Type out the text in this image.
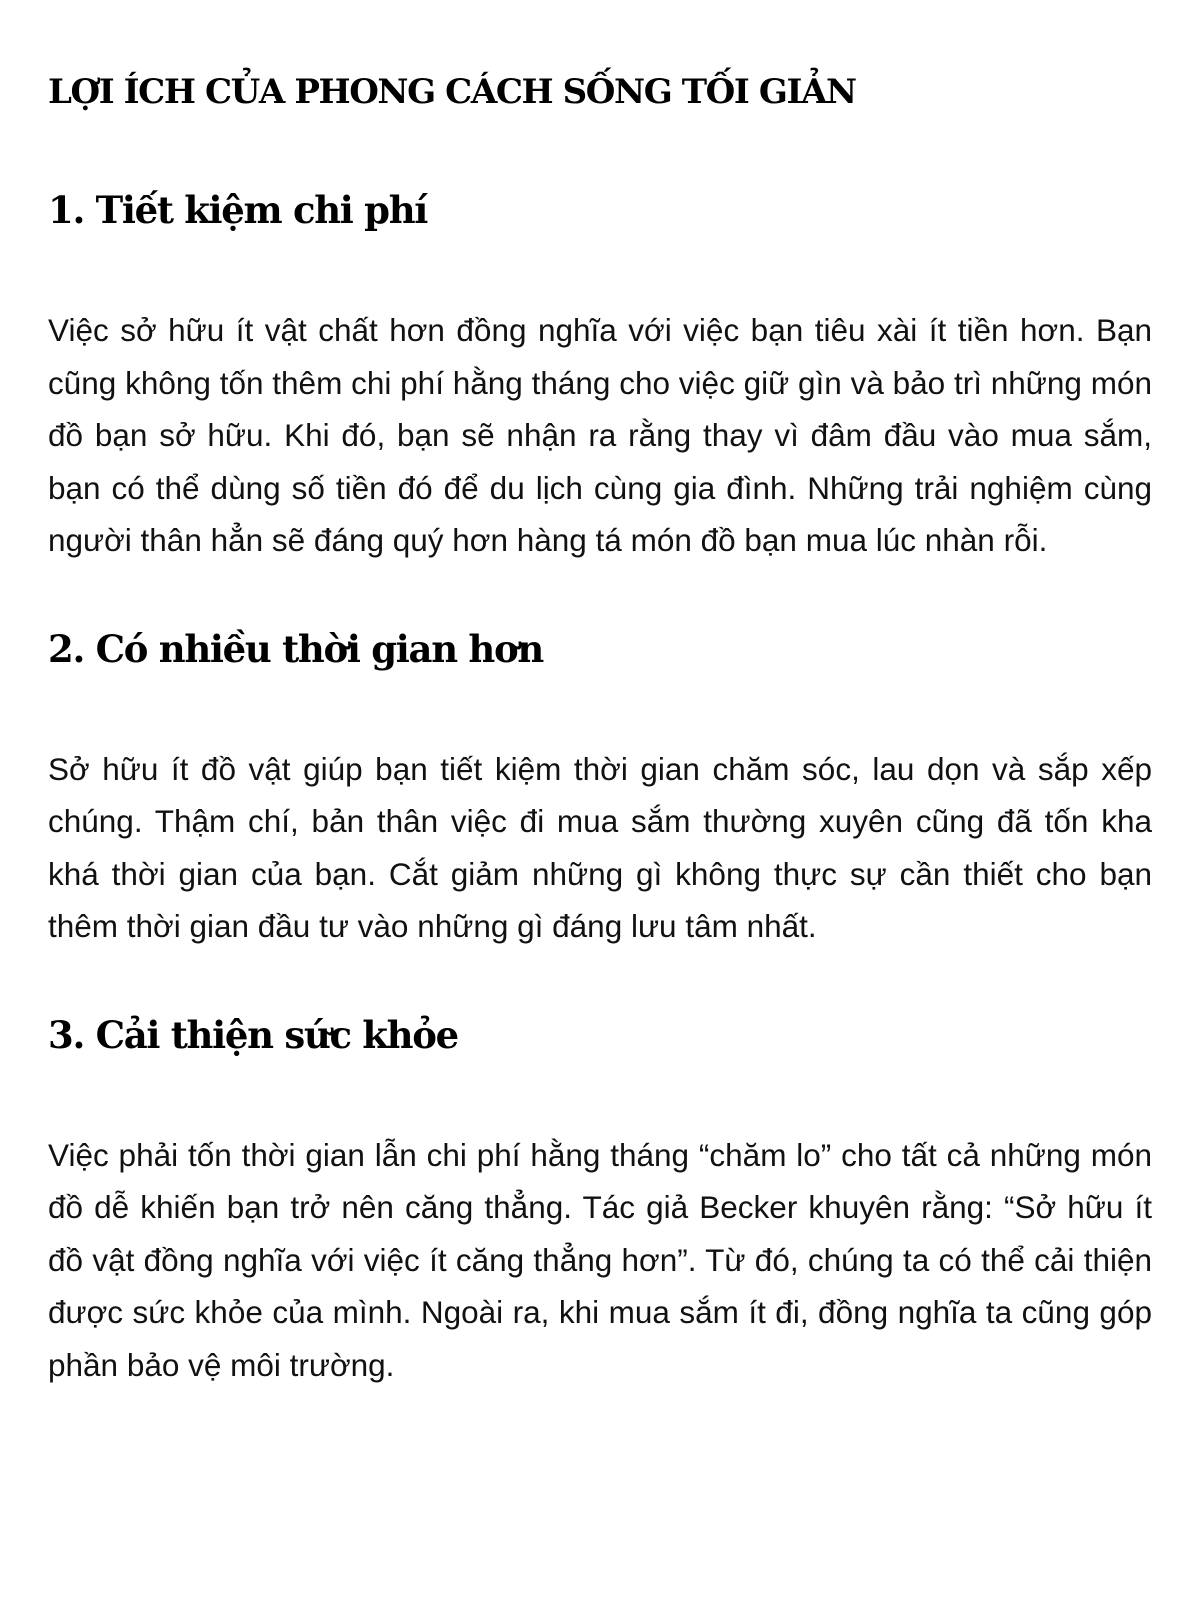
LỢI ÍCH CỦA PHONG CÁCH SỐNG TỐI GIẢN
1. Tiết kiệm chi phí

Việc sở hữu ít vật chất hơn đồng nghĩa với việc bạn tiêu xài ít tiền hơn. Bạn cũng không tốn thêm chi phí hằng tháng cho việc giữ gìn và bảo trì những món đồ bạn sở hữu. Khi đó, bạn sẽ nhận ra rằng thay vì đâm đầu vào mua sắm, bạn có thể dùng số tiền đó để du lịch cùng gia đình. Những trải nghiệm cùng người thân hẳn sẽ đáng quý hơn hàng tá món đồ bạn mua lúc nhàn rỗi.

2. Có nhiều thời gian hơn

Sở hữu ít đồ vật giúp bạn tiết kiệm thời gian chăm sóc, lau dọn và sắp xếp chúng. Thậm chí, bản thân việc đi mua sắm thường xuyên cũng đã tốn kha khá thời gian của bạn. Cắt giảm những gì không thực sự cần thiết cho bạn thêm thời gian đầu tư vào những gì đáng lưu tâm nhất.

3. Cải thiện sức khỏe

Việc phải tốn thời gian lẫn chi phí hằng tháng “chăm lo” cho tất cả những món đồ dễ khiến bạn trở nên căng thẳng. Tác giả Becker khuyên rằng: “Sở hữu ít đồ vật đồng nghĩa với việc ít căng thẳng hơn”. Từ đó, chúng ta có thể cải thiện được sức khỏe của mình. Ngoài ra, khi mua sắm ít đi, đồng nghĩa ta cũng góp phần bảo vệ môi trường.
